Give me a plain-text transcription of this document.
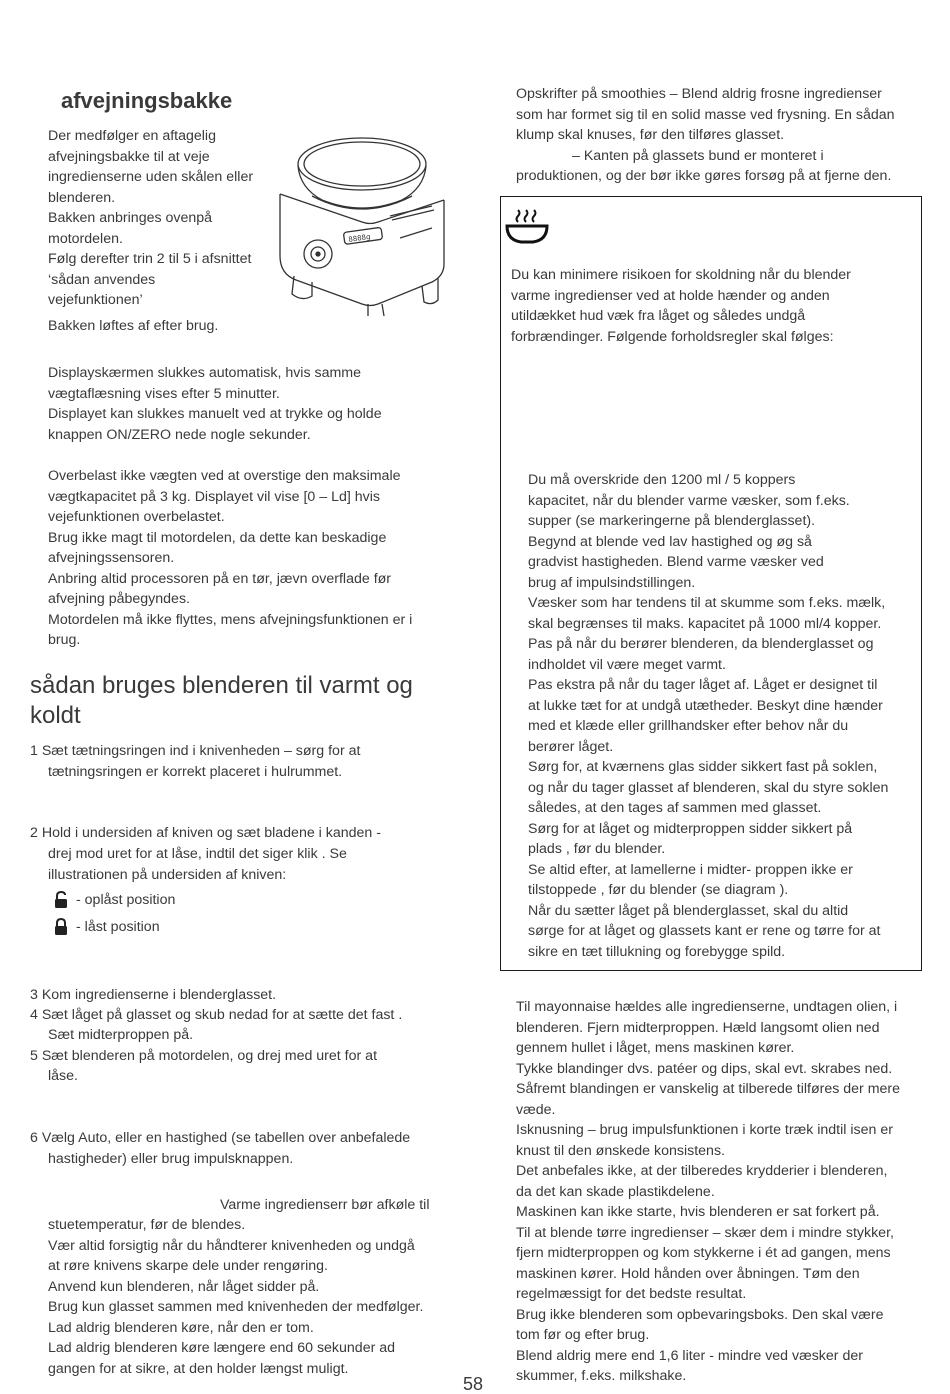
afvejningsbakke
Der medfølger en aftagelig
afvejningsbakke til at veje
ingredienserne uden skålen eller
blenderen.
Bakken anbringes ovenpå
motordelen.
Følg derefter trin 2 til 5 i afsnittet
‘sådan anvendes
vejefunktionen’
8888g

Bakken løftes af efter brug.

Displayskærmen slukkes automatisk, hvis samme
vægtaflæsning vises efter 5 minutter.
Displayet kan slukkes manuelt ved at trykke og holde
knappen ON/ZERO nede nogle sekunder.
Overbelast ikke vægten ved at overstige den maksimale
vægtkapacitet på 3 kg. Displayet vil vise [0 – Ld] hvis
vejefunktionen overbelastet.
Brug ikke magt til motordelen, da dette kan beskadige
afvejningssensoren.
Anbring altid processoren på en tør, jævn overflade før
afvejning påbegyndes.
Motordelen må ikke flyttes, mens afvejningsfunktionen er i
brug.
sådan bruges blenderen til varmt og
koldt

1 Sæt tætningsringen ind i knivenheden – sørg for at

tætningsringen er korrekt placeret i hulrummet.

2 Hold i undersiden af kniven og sæt bladene i kanden -

drej mod uret for at låse, indtil det siger klik . Se

illustrationen på undersiden af kniven:

- oplåst position

- låst position

3 Kom ingredienserne i blenderglasset.

4 Sæt låget på glasset og skub nedad for at sætte det fast .

Sæt midterproppen på.

5 Sæt blenderen på motordelen, og drej med uret for at

låse.

6 Vælg Auto, eller en hastighed (se tabellen over anbefalede

hastigheder) eller brug impulsknappen.

Varme ingredienserr bør afkøle til

stuetemperatur, før de blendes.
Vær altid forsigtig når du håndterer knivenheden og undgå
at røre knivens skarpe dele under rengøring.
Anvend kun blenderen, når låget sidder på.
Brug kun glasset sammen med knivenheden der medfølger.
Lad aldrig blenderen køre, når den er tom.
Lad aldrig blenderen køre længere end 60 sekunder ad
gangen for at sikre, at den holder længst muligt.
Opskrifter på smoothies – Blend aldrig frosne ingredienser
som har formet sig til en solid masse ved frysning. En sådan
klump skal knuses, før den tilføres glasset.
– Kanten på glassets bund er monteret i
produktionen, og der bør ikke gøres forsøg på at fjerne den.
Du kan minimere risikoen for skoldning når du blender
varme ingredienser ved at holde hænder og anden
utildækket hud væk fra låget og således undgå
forbrændinger. Følgende forholdsregler skal følges:
Du må overskride den 1200 ml / 5 koppers
kapacitet, når du blender varme væsker, som f.eks.
supper (se markeringerne på blenderglasset).
Begynd at blende ved lav hastighed og øg så
gradvist hastigheden. Blend varme væsker ved
brug af impulsindstillingen.
Væsker som har tendens til at skumme som f.eks. mælk,
skal begrænses til maks. kapacitet på 1000 ml/4 kopper.
Pas på når du berører blenderen, da blenderglasset og
indholdet vil være meget varmt.
Pas ekstra på når du tager låget af. Låget er designet til
at lukke tæt for at undgå utætheder. Beskyt dine hænder
med et klæde eller grillhandsker efter behov når du
berører låget.
Sørg for, at kværnens glas sidder sikkert fast på soklen,
og når du tager glasset af blenderen, skal du styre soklen
således, at den tages af sammen med glasset.
Sørg for at låget og midterproppen sidder sikkert på
plads , før du blender.
Se altid efter, at lamellerne i midter- proppen ikke er
tilstoppede , før du blender (se diagram ).
Når du sætter låget på blenderglasset, skal du altid
sørge for at låget og glassets kant er rene og tørre for at
sikre en tæt tillukning og forebygge spild.
Til mayonnaise hældes alle ingredienserne, undtagen olien, i
blenderen. Fjern midterproppen. Hæld langsomt olien ned
gennem hullet i låget, mens maskinen kører.
Tykke blandinger dvs. patéer og dips, skal evt. skrabes ned.
Såfremt blandingen er vanskelig at tilberede tilføres der mere
væde.
Isknusning – brug impulsfunktionen i korte træk indtil isen er
knust til den ønskede konsistens.
Det anbefales ikke, at der tilberedes krydderier i blenderen,
da det kan skade plastikdelene.
Maskinen kan ikke starte, hvis blenderen er sat forkert på.
Til at blende tørre ingredienser – skær dem i mindre stykker,
fjern midterproppen og kom stykkerne i ét ad gangen, mens
maskinen kører. Hold hånden over åbningen. Tøm den
regelmæssigt for det bedste resultat.
Brug ikke blenderen som opbevaringsboks. Den skal være
tom før og efter brug.
Blend aldrig mere end 1,6 liter - mindre ved væsker der
skummer, f.eks. milkshake.
58
